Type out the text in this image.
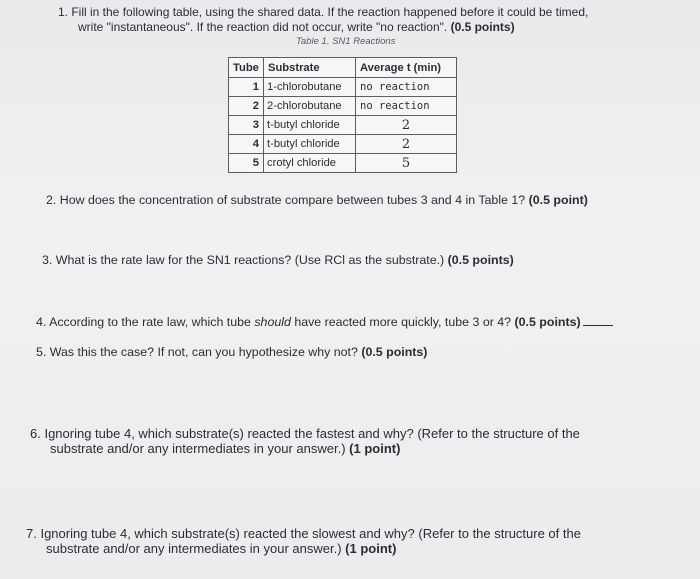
1. Fill in the following table, using the shared data. If the reaction happened before it could be timed,
write "instantaneous". If the reaction did not occur, write "no reaction". (0.5 points)
Table 1. SN1 Reactions
Tube	Substrate	Average t (min)
1	1-chlorobutane	no reaction
2	2-chlorobutane	no reaction
3	t-butyl chloride	2
4	t-butyl chloride	2
5	crotyl chloride	5
2. How does the concentration of substrate compare between tubes 3 and 4 in Table 1? (0.5 point)
3. What is the rate law for the SN1 reactions? (Use RCl as the substrate.) (0.5 points)
4. According to the rate law, which tube should have reacted more quickly, tube 3 or 4? (0.5 points)
5. Was this the case? If not, can you hypothesize why not? (0.5 points)
6. Ignoring tube 4, which substrate(s) reacted the fastest and why? (Refer to the structure of the
substrate and/or any intermediates in your answer.) (1 point)
7. Ignoring tube 4, which substrate(s) reacted the slowest and why? (Refer to the structure of the
substrate and/or any intermediates in your answer.) (1 point)
